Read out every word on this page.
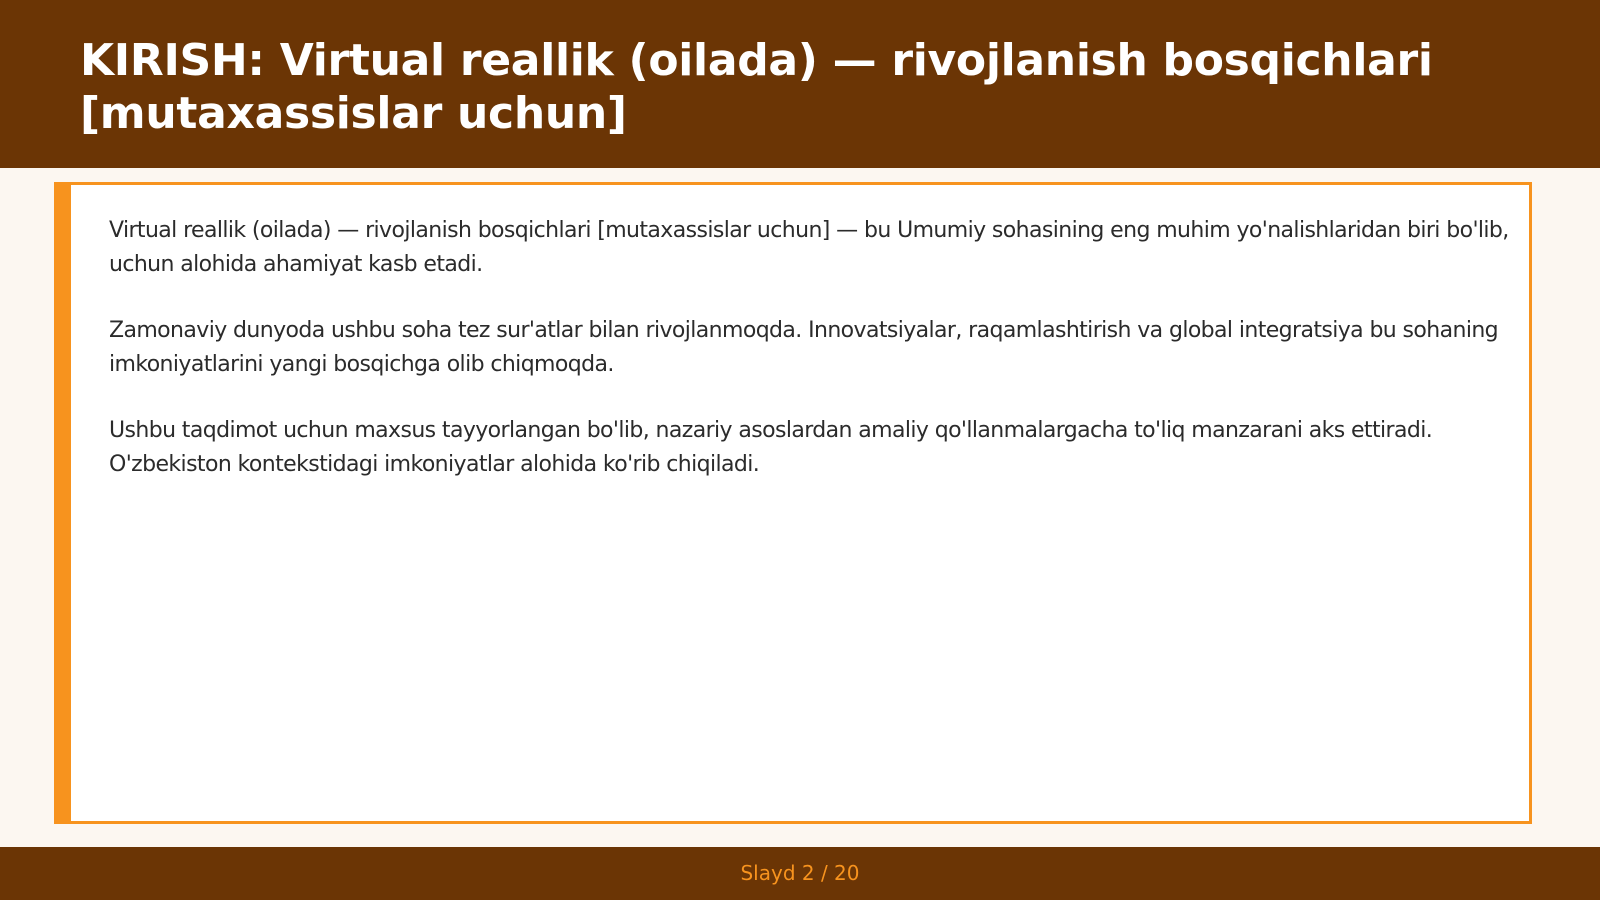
KIRISH: Virtual reallik (oilada) — rivojlanish bosqichlari [mutaxassislar uchun]

Virtual reallik (oilada) — rivojlanish bosqichlari [mutaxassislar uchun] — bu Umumiy sohasining eng muhim yo'nalishlaridan biri bo'lib, uchun alohida ahamiyat kasb etadi.

Zamonaviy dunyoda ushbu soha tez sur'atlar bilan rivojlanmoqda. Innovatsiyalar, raqamlashtirish va global integratsiya bu sohaning imkoniyatlarini yangi bosqichga olib chiqmoqda.

Ushbu taqdimot uchun maxsus tayyorlangan bo'lib, nazariy asoslardan amaliy qo'llanmalargacha to'liq manzarani aks ettiradi. O'zbekiston kontekstidagi imkoniyatlar alohida ko'rib chiqiladi.

Slayd 2 / 20
